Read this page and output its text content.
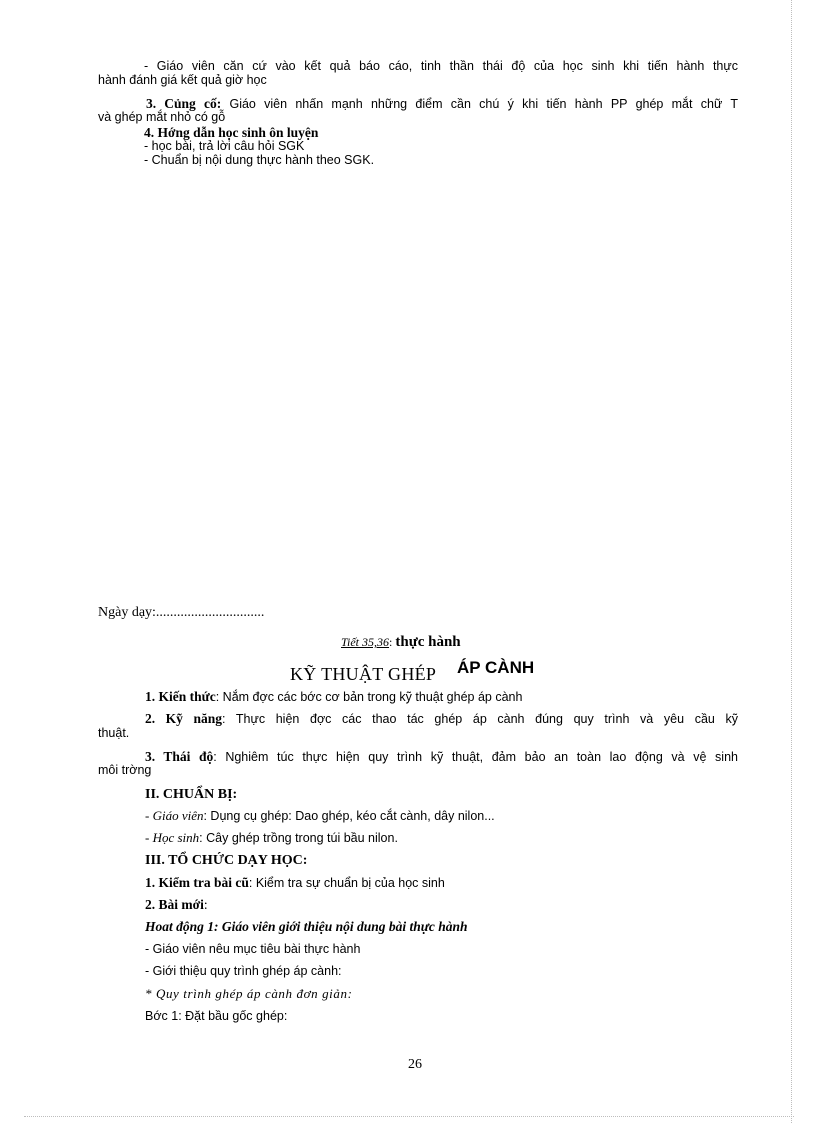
- Giáo viên căn cứ vào kết quả báo cáo, tinh thần thái độ của học sinh khi tiến hành thực
hành đánh giá kết quả giờ học
3. Củng cố: Giáo viên nhấn mạnh những điểm cần chú ý khi tiến hành PP ghép mắt chữ T
và ghép mắt nhỏ có gỗ
4. Hớng dẫn học sinh ôn luyện
- học bài, trả lời câu hỏi SGK
- Chuẩn bị nội dung thực hành theo SGK.
Ngày dạy:...............................
Tiết 35,36: thực hành
KỸ THUẬT GHÉP ÁP CÀNH
1. Kiến thức: Nắm đợc các bớc cơ bản trong kỹ thuật ghép áp cành
2. Kỹ năng: Thực hiện đợc các thao tác ghép áp cành đúng quy trình và yêu cầu kỹ
thuật.
3. Thái độ: Nghiêm túc thực hiện quy trình kỹ thuật, đảm bảo an toàn lao động và vệ sinh
môi trờng
II. CHUẨN BỊ:
- Giáo viên: Dụng cụ ghép: Dao ghép, kéo cắt cành, dây nilon...
- Học sinh: Cây ghép trồng trong túi bầu nilon.
III. TỔ CHỨC DẠY HỌC:
1. Kiểm tra bài cũ: Kiểm tra sự chuẩn bị của học sinh
2. Bài mới:
Hoat động 1: Giáo viên giới thiệu nội dung bài thực hành
- Giáo viên nêu mục tiêu bài thực hành
- Giới thiệu quy trình ghép áp cành:
* Quy trình ghép áp cành đơn giản:
Bớc 1: Đặt bầu gốc ghép:
26
